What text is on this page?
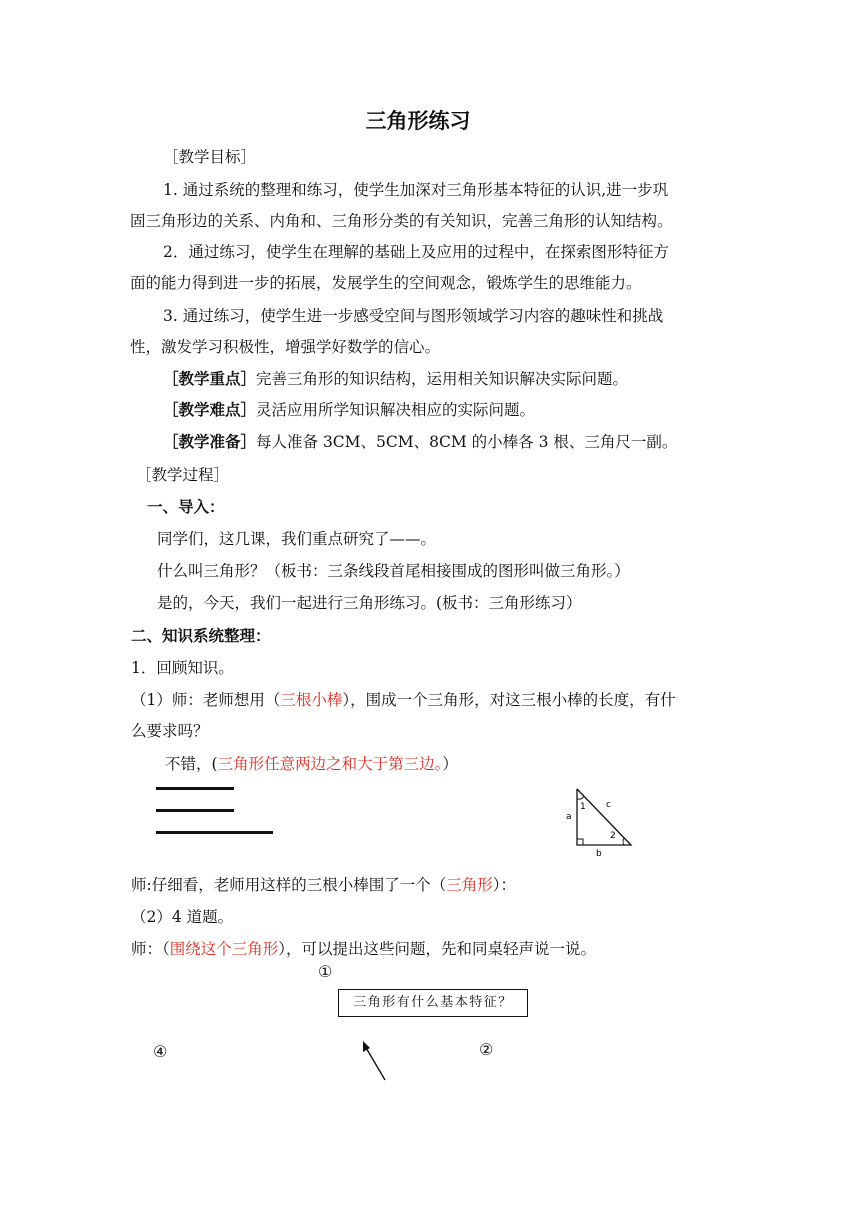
三角形练习
［教学目标］
1. 通过系统的整理和练习，使学生加深对三角形基本特征的认识,进一步巩
固三角形边的关系、内角和、三角形分类的有关知识，完善三角形的认知结构。
2．通过练习，使学生在理解的基础上及应用的过程中，在探索图形特征方
面的能力得到进一步的拓展，发展学生的空间观念，锻炼学生的思维能力。
3. 通过练习，使学生进一步感受空间与图形领域学习内容的趣味性和挑战
性，激发学习积极性，增强学好数学的信心。
［教学重点］完善三角形的知识结构，运用相关知识解决实际问题。
［教学难点］灵活应用所学知识解决相应的实际问题。
［教学准备］每人准备 3CM、5CM、8CM 的小棒各 3 根、三角尺一副。
［教学过程］
一、导入：
同学们，这几课，我们重点研究了——。
什么叫三角形？（板书：三条线段首尾相接围成的图形叫做三角形。）
是的，今天，我们一起进行三角形练习。(板书：三角形练习）
二、知识系统整理：
1．回顾知识。
（1）师：老师想用（三根小棒），围成一个三角形，对这三根小棒的长度，有什
么要求吗？
不错，(三角形任意两边之和大于第三边。）
1
2
a
b
c
师:仔细看，老师用这样的三根小棒围了一个（三角形）：
（2）4 道题。
师：（围绕这个三角形），可以提出这些问题，先和同桌轻声说一说。
①
三角形有什么基本特征？
④	②
